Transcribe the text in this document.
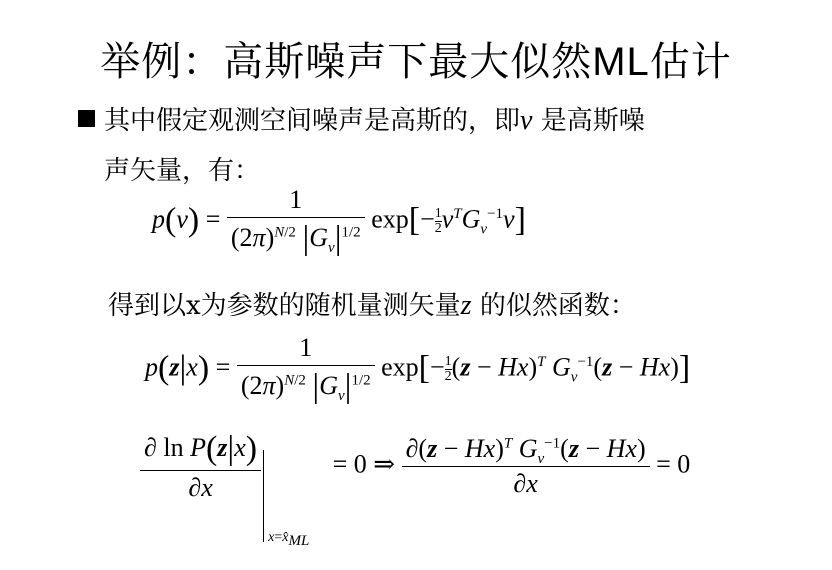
举例：高斯噪声下最大似然ML估计
其中假定观测空间噪声是高斯的，即v 是高斯噪
声矢量，有：
$p(v) = \frac{1}{(2\pi)^{N/2} |G_v|^{1/2}} \exp[- \frac{1}{2} v^TG_v^{-1}v]$
得到以x为参数的随机量测矢量z 的似然函数：
$p(z|x) = \frac{1}{(2\pi)^{N/2} |G_v|^{1/2}} \exp[- \frac{1}{2} (z - Hx)^T$ $G_v^{-1}(z - Hx)$]
$\frac{\text{∂ ln P(z|x)}}{\partial x}$
$x=x̂_{ML}$
= 0 ⇒ $\frac{\partial(z - Hx)^T G_v^{-1}(z - Hx)}{\partial x} = 0$
